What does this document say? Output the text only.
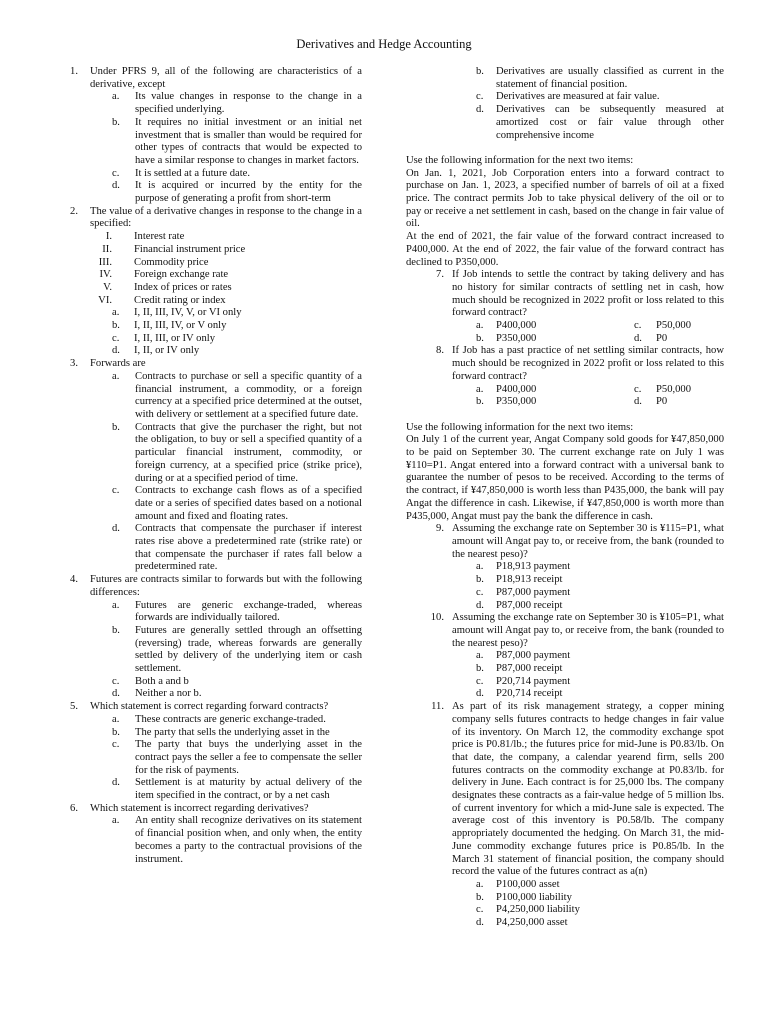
Derivatives and Hedge Accounting
1. Under PFRS 9, all of the following are characteristics of a derivative, except
a. Its value changes in response to the change in a specified underlying.
b. It requires no initial investment or an initial net investment that is smaller than would be required for other types of contracts that would be expected to have a similar response to changes in market factors.
c. It is settled at a future date.
d. It is acquired or incurred by the entity for the purpose of generating a profit from short-term
2. The value of a derivative changes in response to the change in a specified:
I. Interest rate
II. Financial instrument price
III. Commodity price
IV. Foreign exchange rate
V. Index of prices or rates
VI. Credit rating or index
a. I, II, III, IV, V, or VI only
b. I, II, III, IV, or V only
c. I, II, III, or IV only
d. I, II, or IV only
3. Forwards are
a. Contracts to purchase or sell a specific quantity of a financial instrument, a commodity, or a foreign currency at a specified price determined at the outset, with delivery or settlement at a specified future date.
b. Contracts that give the purchaser the right, but not the obligation, to buy or sell a specified quantity of a particular financial instrument, commodity, or foreign currency, at a specified price (strike price), during or at a specified period of time.
c. Contracts to exchange cash flows as of a specified date or a series of specified dates based on a notional amount and fixed and floating rates.
d. Contracts that compensate the purchaser if interest rates rise above a predetermined rate (strike rate) or that compensate the purchaser if rates fall below a predetermined rate.
4. Futures are contracts similar to forwards but with the following differences:
a. Futures are generic exchange-traded, whereas forwards are individually tailored.
b. Futures are generally settled through an offsetting (reversing) trade, whereas forwards are generally settled by delivery of the underlying item or cash settlement.
c. Both a and b
d. Neither a nor b.
5. Which statement is correct regarding forward contracts?
a. These contracts are generic exchange-traded.
b. The party that sells the underlying asset in the
c. The party that buys the underlying asset in the contract pays the seller a fee to compensate the seller for the risk of payments.
d. Settlement is at maturity by actual delivery of the item specified in the contract, or by a net cash
6. Which statement is incorrect regarding derivatives?
a. An entity shall recognize derivatives on its statement of financial position when, and only when, the entity becomes a party to the contractual provisions of the instrument.
b.	Derivatives are usually classified as current in the statement of financial position.
c.	Derivatives are measured at fair value.
d.	Derivatives can be subsequently measured at amortized cost or fair value through other comprehensive income
Use the following information for the next two items:
On Jan. 1, 2021, Job Corporation enters into a forward contract to purchase on Jan. 1, 2023, a specified number of barrels of oil at a fixed price. The contract permits Job to take physical delivery of the oil or to pay or receive a net settlement in cash, based on the change in fair value of oil.
At the end of 2021, the fair value of the forward contract increased to P400,000. At the end of 2022, the fair value of the forward contract has declined to P350,000.
7. If Job intends to settle the contract by taking delivery and has no history for similar contracts of settling net in cash, how much should be recognized in 2022 profit or loss related to this forward contract?
a. P400,000	c. P50,000
b. P350,000	d. P0
8. If Job has a past practice of net settling similar contracts, how much should be recognized in 2022 profit or loss related to this forward contract?
a. P400,000	c. P50,000
b. P350,000	d. P0
Use the following information for the next two items:
On July 1 of the current year, Angat Company sold goods for ¥47,850,000 to be paid on September 30. The current exchange rate on July 1 was ¥110=P1. Angat entered into a forward contract with a universal bank to guarantee the number of pesos to be received. According to the terms of the contract, if ¥47,850,000 is worth less than P435,000, the bank will pay Angat the difference in cash. Likewise, if ¥47,850,000 is worth more than P435,000, Angat must pay the bank the difference in cash.
9. Assuming the exchange rate on September 30 is ¥115=P1, what amount will Angat pay to, or receive from, the bank (rounded to the nearest peso)?
a. P18,913 payment
b. P18,913 receipt
c. P87,000 payment
d. P87,000 receipt
10. Assuming the exchange rate on September 30 is ¥105=P1, what amount will Angat pay to, or receive from, the bank (rounded to the nearest peso)?
a. P87,000 payment
b. P87,000 receipt
c. P20,714 payment
d. P20,714 receipt
11. As part of its risk management strategy, a copper mining company sells futures contracts to hedge changes in fair value of its inventory. On March 12, the commodity exchange spot price is P0.81/lb.; the futures price for mid-June is P0.83/lb. On that date, the company, a calendar yearend firm, sells 200 futures contracts on the commodity exchange at P0.83/lb. for delivery in June. Each contract is for 25,000 lbs. The company designates these contracts as a fair-value hedge of 5 million lbs. of current inventory for which a mid-June sale is expected. The average cost of this inventory is P0.58/lb. The company appropriately documented the hedging. On March 31, the mid-June commodity exchange futures price is P0.85/lb. In the March 31 statement of financial position, the company should record the value of the futures contract as a(n)
a. P100,000 asset
b. P100,000 liability
c. P4,250,000 liability
d. P4,250,000 asset
